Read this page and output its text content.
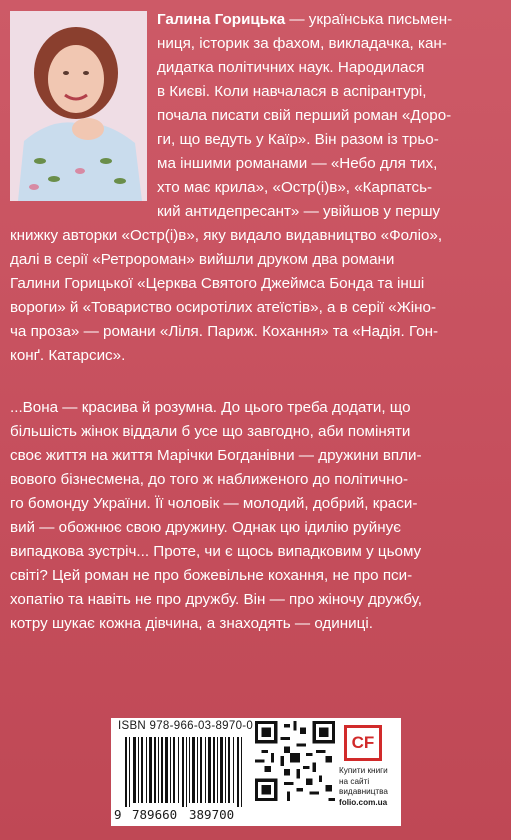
Галина Горицька — українська письмен-
ниця, історик за фахом, викладачка, кан-
дидатка політичних наук. Народилася
в Києві. Коли навчалася в аспірантурі,
почала писати свій перший роман «Доро-
ги, що ведуть у Каїр». Він разом із трьо-
ма іншими романами — «Небо для тих,
хто має крила», «Остр(і)в», «Карпатсь-
кий антидепресант» — увійшов у першу
книжку авторки «Остр(і)в», яку видало видавництво «Фоліо»,
далі в серії «Ретророман» вийшли друком два романи
Галини Горицької «Церква Святого Джеймса Бонда та інші
вороги» й «Товариство осиротілих атеїстів», а в серії «Жіно-
ча проза» — романи «Ліля. Париж. Кохання» та «Надія. Гон-
конґ. Катарсис».
...Вона — красива й розумна. До цього треба додати, що
більшість жінок віддали б усе що завгодно, аби поміняти
своє життя на життя Марічки Богданівни — дружини впли-
вового бізнесмена, до того ж наближеного до політично-
го бомонду України. Її чоловік — молодий, добрий, краси-
вий — обожнює свою дружину. Однак цю ідилію руйнує
випадкова зустріч... Проте, чи є щось випадковим у цьому
світі? Цей роман не про божевільне кохання, не про пси-
хопатію та навіть не про дружбу. Він — про жіночу дружбу,
котру шукає кожна дівчина, а знаходять — одиниці.
ISBN 978-966-03-8970-0
9 789660 389700
CF
Купити книги
на сайті
видавництва
folio.com.ua
